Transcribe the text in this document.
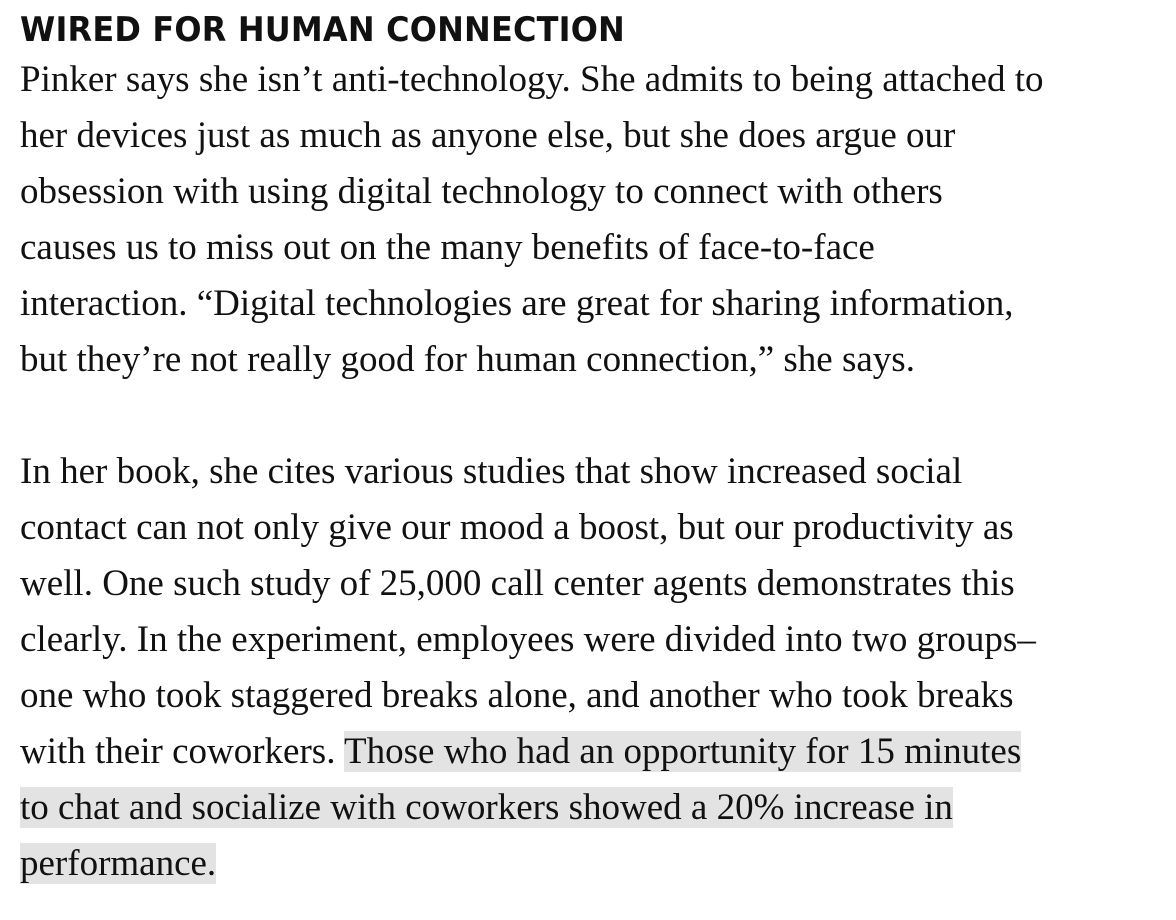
WIRED FOR HUMAN CONNECTION

Pinker says she isn’t anti-technology. She admits to being attached to
her devices just as much as anyone else, but she does argue our
obsession with using digital technology to connect with others
causes us to miss out on the many benefits of face-to-face
interaction. “Digital technologies are great for sharing information,
but they’re not really good for human connection,” she says.

In her book, she cites various studies that show increased social
contact can not only give our mood a boost, but our productivity as
well. One such study of 25,000 call center agents demonstrates this
clearly. In the experiment, employees were divided into two groups–
one who took staggered breaks alone, and another who took breaks
with their coworkers. Those who had an opportunity for 15 minutes
to chat and socialize with coworkers showed a 20% increase in
performance.
